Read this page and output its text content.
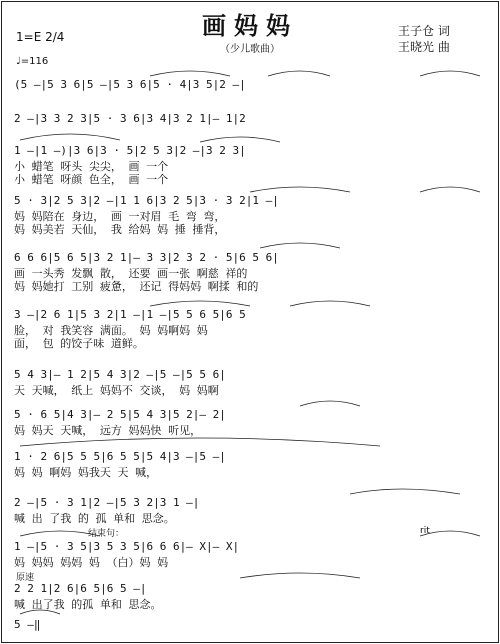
画妈妈
（少儿歌曲）
王子仓 词
王晓光 曲
1=E 2/4
♩=116
(5 —|5 3 6|5 —|5 3 6|5 · 4|3 5|2 —|
2 —|3 3 2 3|5 · 3 6|3 4|3 2 1|— 1|2
1 —|1 —)|3 6|3 · 5|2 5 3|2 —|3 2 3|
小 蜡笔 呀头 尖尖， 画 一个
小 蜡笔 呀颜 色全， 画 一个
5 · 3|2 5 3|2 —|1 1 6|3 2 5|3 · 3 2|1 —|
妈 妈陪在 身边， 画 一对眉 毛 弯 弯，
妈 妈美若 天仙， 我 给妈 妈 捶 捶背，
6 6 6|5 6 5|3 2 1|— 3 3|2 3 2 · 5|6 5 6|
画 一头秀 发飘 散， 还要 画一张 啊慈 祥的
妈 妈她打 工别 疲惫， 还记 得妈妈 啊揉 和的
3 —|2 6 1|5 3 2|1 —|1 —|5 5 6 5|6 5
脸， 对 我笑容 满面。 妈 妈啊妈 妈
面， 包 的饺子味 道鲜。
5 4 3|— 1 2|5 4 3|2 —|5 —|5 5 6|
天 天喊， 纸上 妈妈不 交谈， 妈 妈啊
5 · 6 5|4 3|— 2 5|5 4 3|5 2|— 2|
妈 妈天 天喊， 远方 妈妈快 听见，
1 · 2 6|5 5 5|6 5 5|5 4|3 —|5 —|
妈 妈 啊妈 妈我天 天 喊，
2 —|5 · 3 1|2 —|5 3 2|3 1 —|
喊 出 了我 的 孤 单和 思念。
结束句：	rit
1 —|5 · 3 5|3 5 3 5|6 6 6|— X|— X|
妈 妈妈 妈妈 妈 （白）妈 妈
原速
2 2 1|2 6|6 5|6 5 —|
喊 出了我 的孤 单和 思念。
5 —‖
